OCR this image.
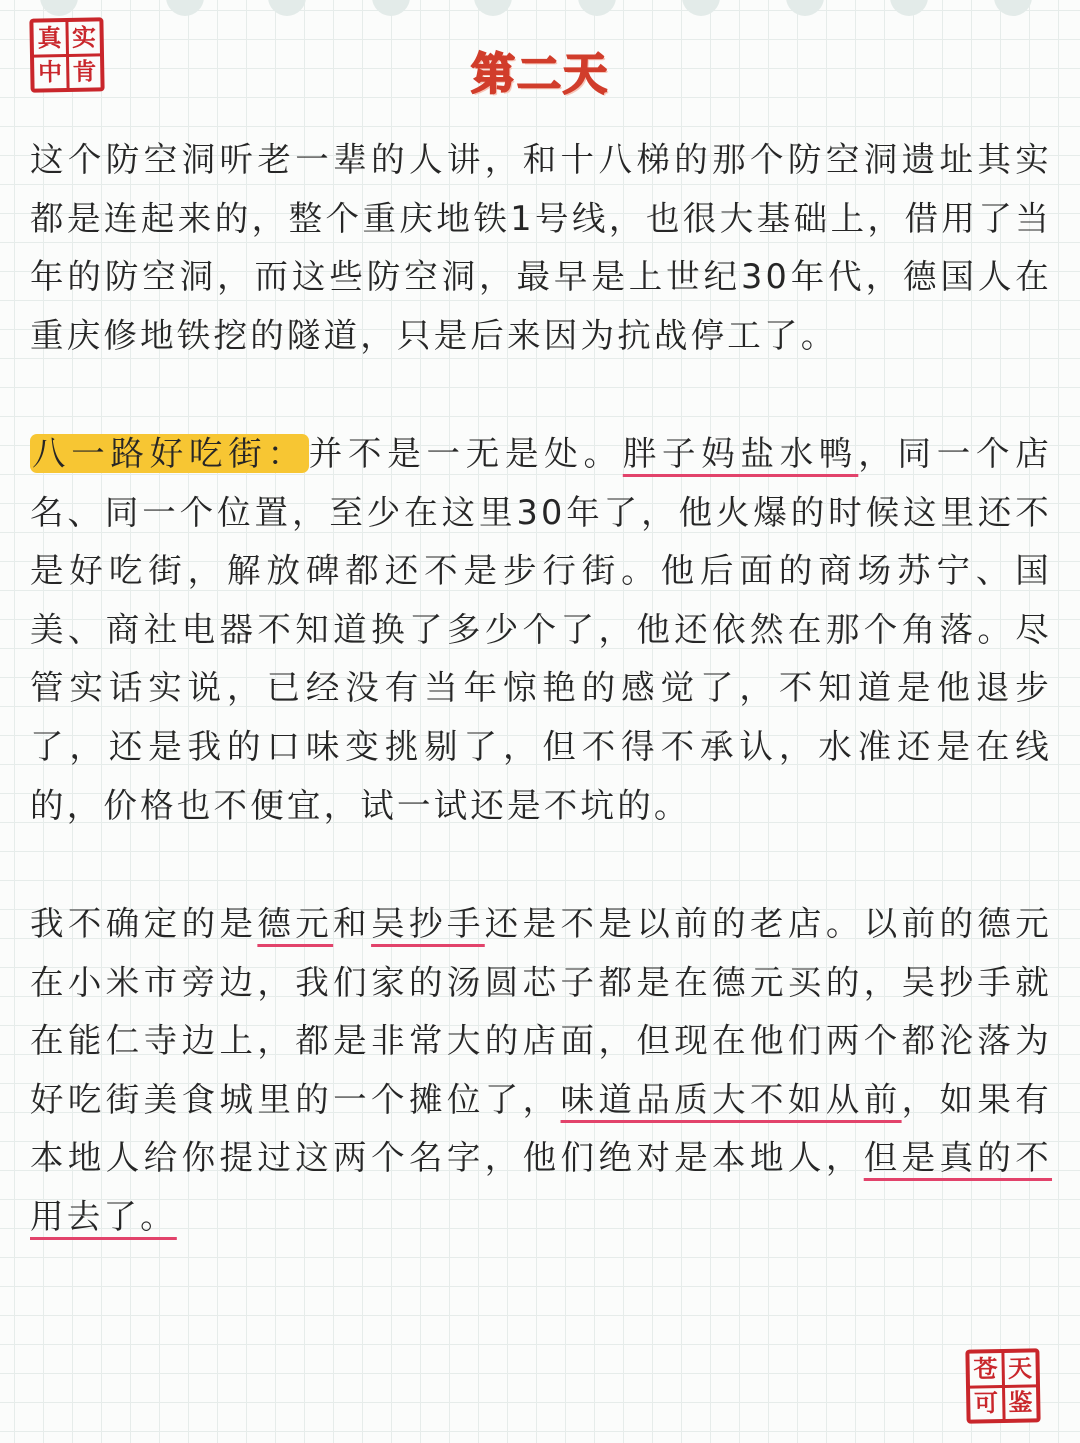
真 实
中 肯	第二天

这个防空洞听老一辈的人讲，和十八梯的那个防空洞遗址其实都是连起来的，整个重庆地铁1号线，也很大基础上，借用了当年的防空洞，而这些防空洞，最早是上世纪30年代，德国人在重庆修地铁挖的隧道，只是后来因为抗战停工了。

八一路好吃街：并不是一无是处。胖子妈盐水鸭，同一个店名、同一个位置，至少在这里30年了，他火爆的时候这里还不是好吃街，解放碑都还不是步行街。他后面的商场苏宁、国美、商社电器不知道换了多少个了，他还依然在那个角落。尽管实话实说，已经没有当年惊艳的感觉了，不知道是他退步了，还是我的口味变挑剔了，但不得不承认，水准还是在线的，价格也不便宜，试一试还是不坑的。

我不确定的是德元和吴抄手还是不是以前的老店。以前的德元在小米市旁边，我们家的汤圆芯子都是在德元买的，吴抄手就在能仁寺边上，都是非常大的店面，但现在他们两个都沦落为好吃街美食城里的一个摊位了，味道品质大不如从前，如果有本地人给你提过这两个名字，他们绝对是本地人，但是真的不用去了。

苍 天
可 鉴
